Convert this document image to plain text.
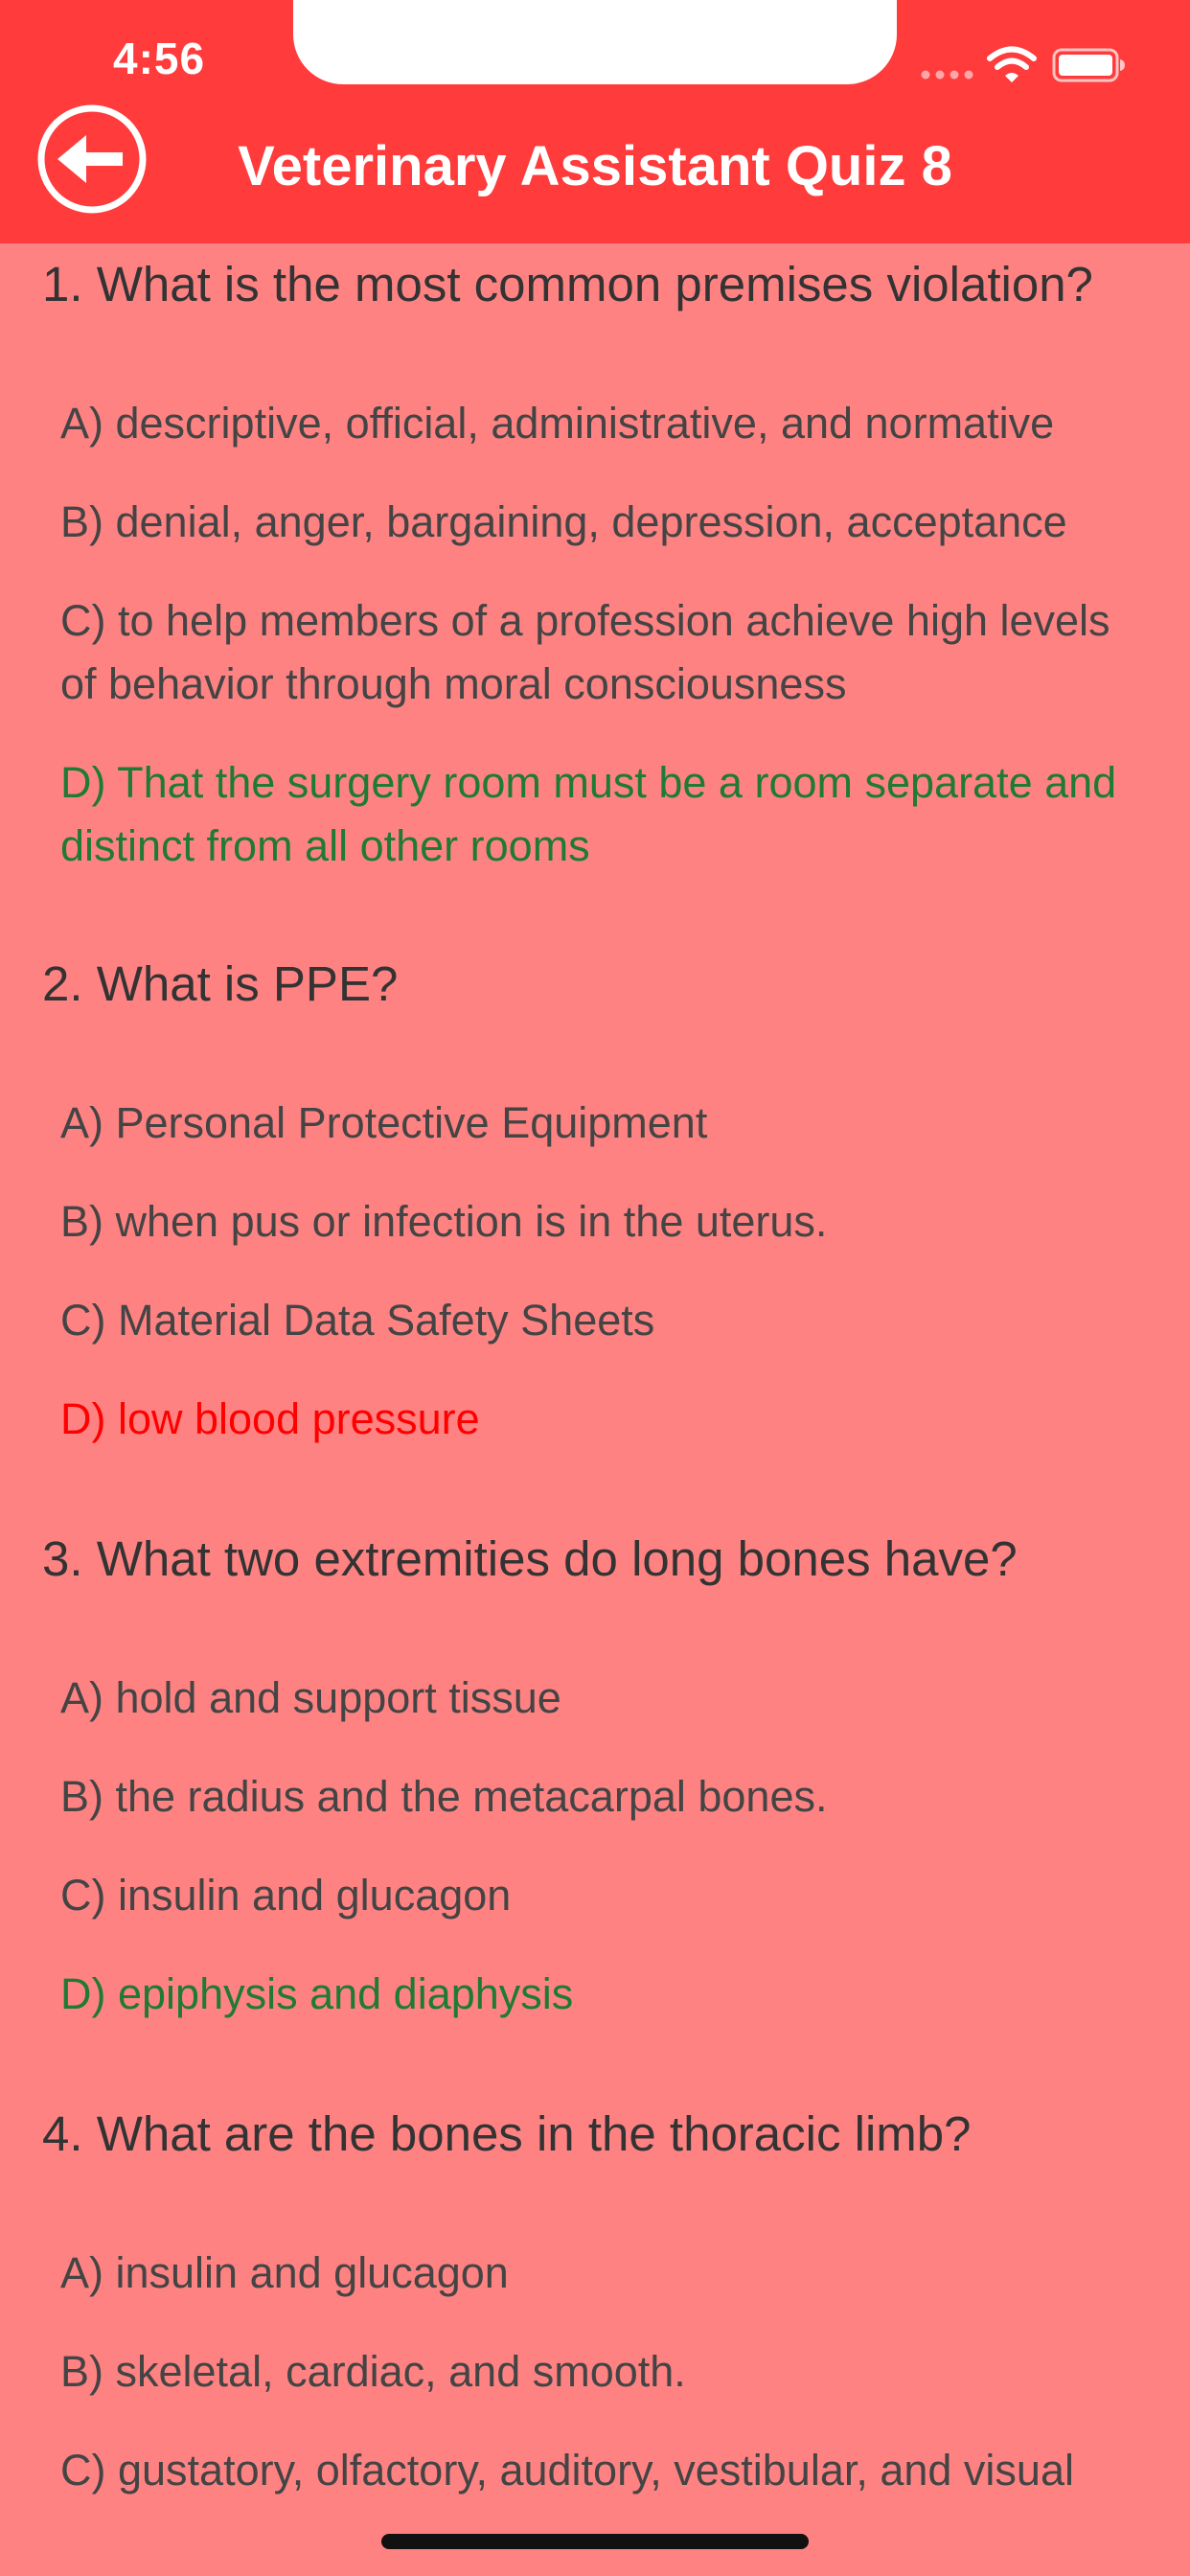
4:56
Veterinary Assistant Quiz 8
1. What is the most common premises violation?
A) descriptive, official, administrative, and normative
B) denial, anger, bargaining, depression, acceptance
C) to help members of a profession achieve high levels of behavior through moral consciousness
D) That the surgery room must be a room separate and distinct from all other rooms
2. What is PPE?
A) Personal Protective Equipment
B) when pus or infection is in the uterus.
C) Material Data Safety Sheets
D) low blood pressure
3. What two extremities do long bones have?
A) hold and support tissue
B) the radius and the metacarpal bones.
C) insulin and glucagon
D) epiphysis and diaphysis
4. What are the bones in the thoracic limb?
A) insulin and glucagon
B) skeletal, cardiac, and smooth.
C) gustatory, olfactory, auditory, vestibular, and visual
